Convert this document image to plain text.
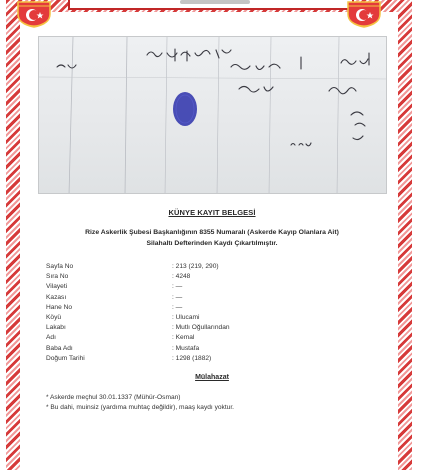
KÜNYE KAYIT BELGESİ
Rize Askerlik Şubesi Başkanlığının 8355 Numaralı (Askerde Kayıp Olanlara Ait)
Silahaltı Defterinden Kaydı Çıkartılmıştır.
Sayfa No	: 213 (219, 290)
Sıra No	: 4248
Vilayeti	: —
Kazası	: —
Hane No	: —
Köyü	: Ulucami
Lakabı	: Mutlı Oğullarından
Adı	: Kemal
Baba Adı	: Mustafa
Doğum Tarihi	: 1298 (1882)
Mülahazat
* Askerde meçhul 30.01.1337 (Mühür-Osman)
* Bu dahi, muinsiz (yardıma muhtaç değildir), maaş kaydı yoktur.
